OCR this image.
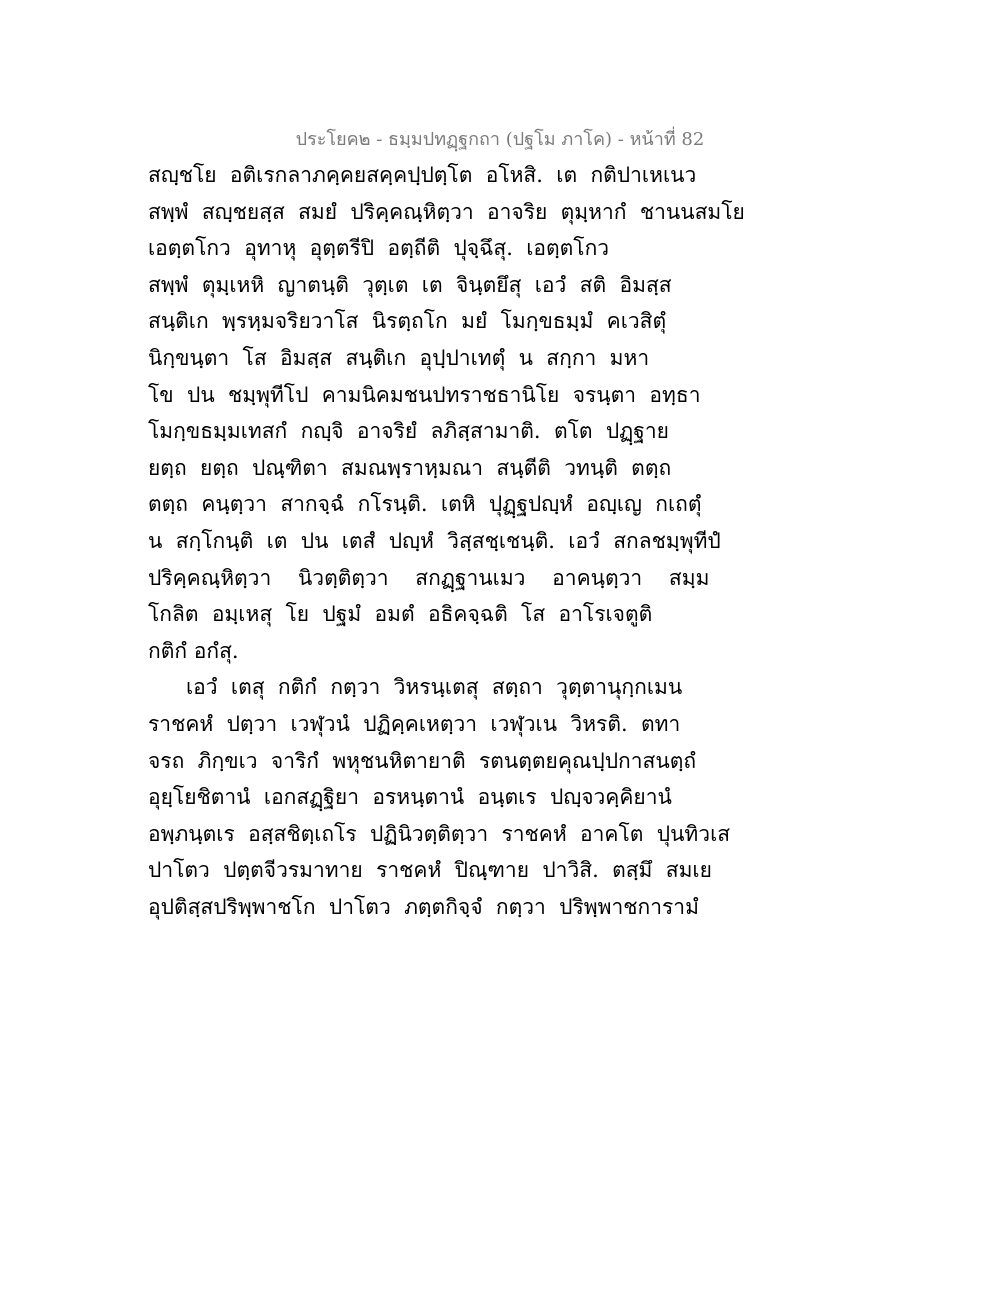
ประโยค๒ - ธมฺมปทฏฺฐกถา (ปฐโม ภาโค) - หน้าที่ 82
สญฺชโย  อติเรกลาภคฺคยสคฺคปฺปตฺโต  อโหสิ.  เต  กติปาเหเนว
สพฺพํ  สญฺชยสฺส  สมยํ  ปริคฺคณฺหิตฺวา  อาจริย  ตุมฺหากํ  ชานนสมโย
เอตฺตโกว  อุทาหุ  อุตฺตรีปิ  อตฺถีติ  ปุจฺฉึสุ.  เอตฺตโกว
สพฺพํ  ตุมฺเหหิ  ญาตนฺติ  วุตฺเต  เต  จินฺตยึสุ  เอวํ  สติ  อิมสฺส
สนฺติเก  พฺรหฺมจริยวาโส  นิรตฺถโก  มยํ  โมกฺขธมฺมํ  คเวสิตุํ
นิกฺขนฺตา  โส  อิมสฺส  สนฺติเก  อุปฺปาเทตุํ  น  สกฺกา  มหา
โข  ปน  ชมฺพุทีโป  คามนิคมชนปทราชธานิโย  จรนฺตา  อทฺธา
โมกฺขธมฺมเทสกํ  กญฺจิ  อาจริยํ  ลภิสฺสามาติ.  ตโต  ปฏฺฐาย
ยตฺถ  ยตฺถ  ปณฺฑิตา  สมณพฺราหฺมณา  สนฺตีติ  วทนฺติ  ตตฺถ
ตตฺถ  คนฺตฺวา  สากจฺฉํ  กโรนฺติ.  เตหิ  ปุฏฺฐปญฺหํ  อญฺเญ  กเถตุํ
น  สกฺโกนฺติ  เต  ปน  เตสํ  ปญฺหํ  วิสฺสชฺเชนฺติ.  เอวํ  สกลชมฺพุทีปํ
ปริคฺคณฺหิตฺวา    นิวตฺติตฺวา    สกฏฺฐานเมว    อาคนฺตฺวา    สมฺม
โกลิต  อมฺเหสุ  โย  ปฐมํ  อมตํ  อธิคจฺฉติ  โส  อาโรเจตูติ
กติกํ อกํสุ.
เอวํ  เตสุ  กติกํ  กตฺวา  วิหรนฺเตสุ  สตฺถา  วุตฺตานุกฺกเมน
ราชคหํ  ปตฺวา  เวฬุวนํ  ปฏิคฺคเหตฺวา  เวฬุวเน  วิหรติ.  ตทา
จรถ  ภิกฺขเว  จาริกํ  พหุชนหิตายาติ  รตนตฺตยคุณปฺปกาสนตฺถํ
อุยฺโยชิตานํ  เอกสฏฺฐิยา  อรหนฺตานํ  อนฺตเร  ปญฺจวคฺคิยานํ
อพฺภนฺตเร  อสฺสชิตฺเถโร  ปฏินิวตฺติตฺวา  ราชคหํ  อาคโต  ปุนทิวเส
ปาโตว  ปตฺตจีวรมาทาย  ราชคหํ  ปิณฺฑาย  ปาวิสิ.  ตสฺมึ  สมเย
อุปติสฺสปริพฺพาชโก  ปาโตว  ภตฺตกิจฺจํ  กตฺวา  ปริพฺพาชการามํ
